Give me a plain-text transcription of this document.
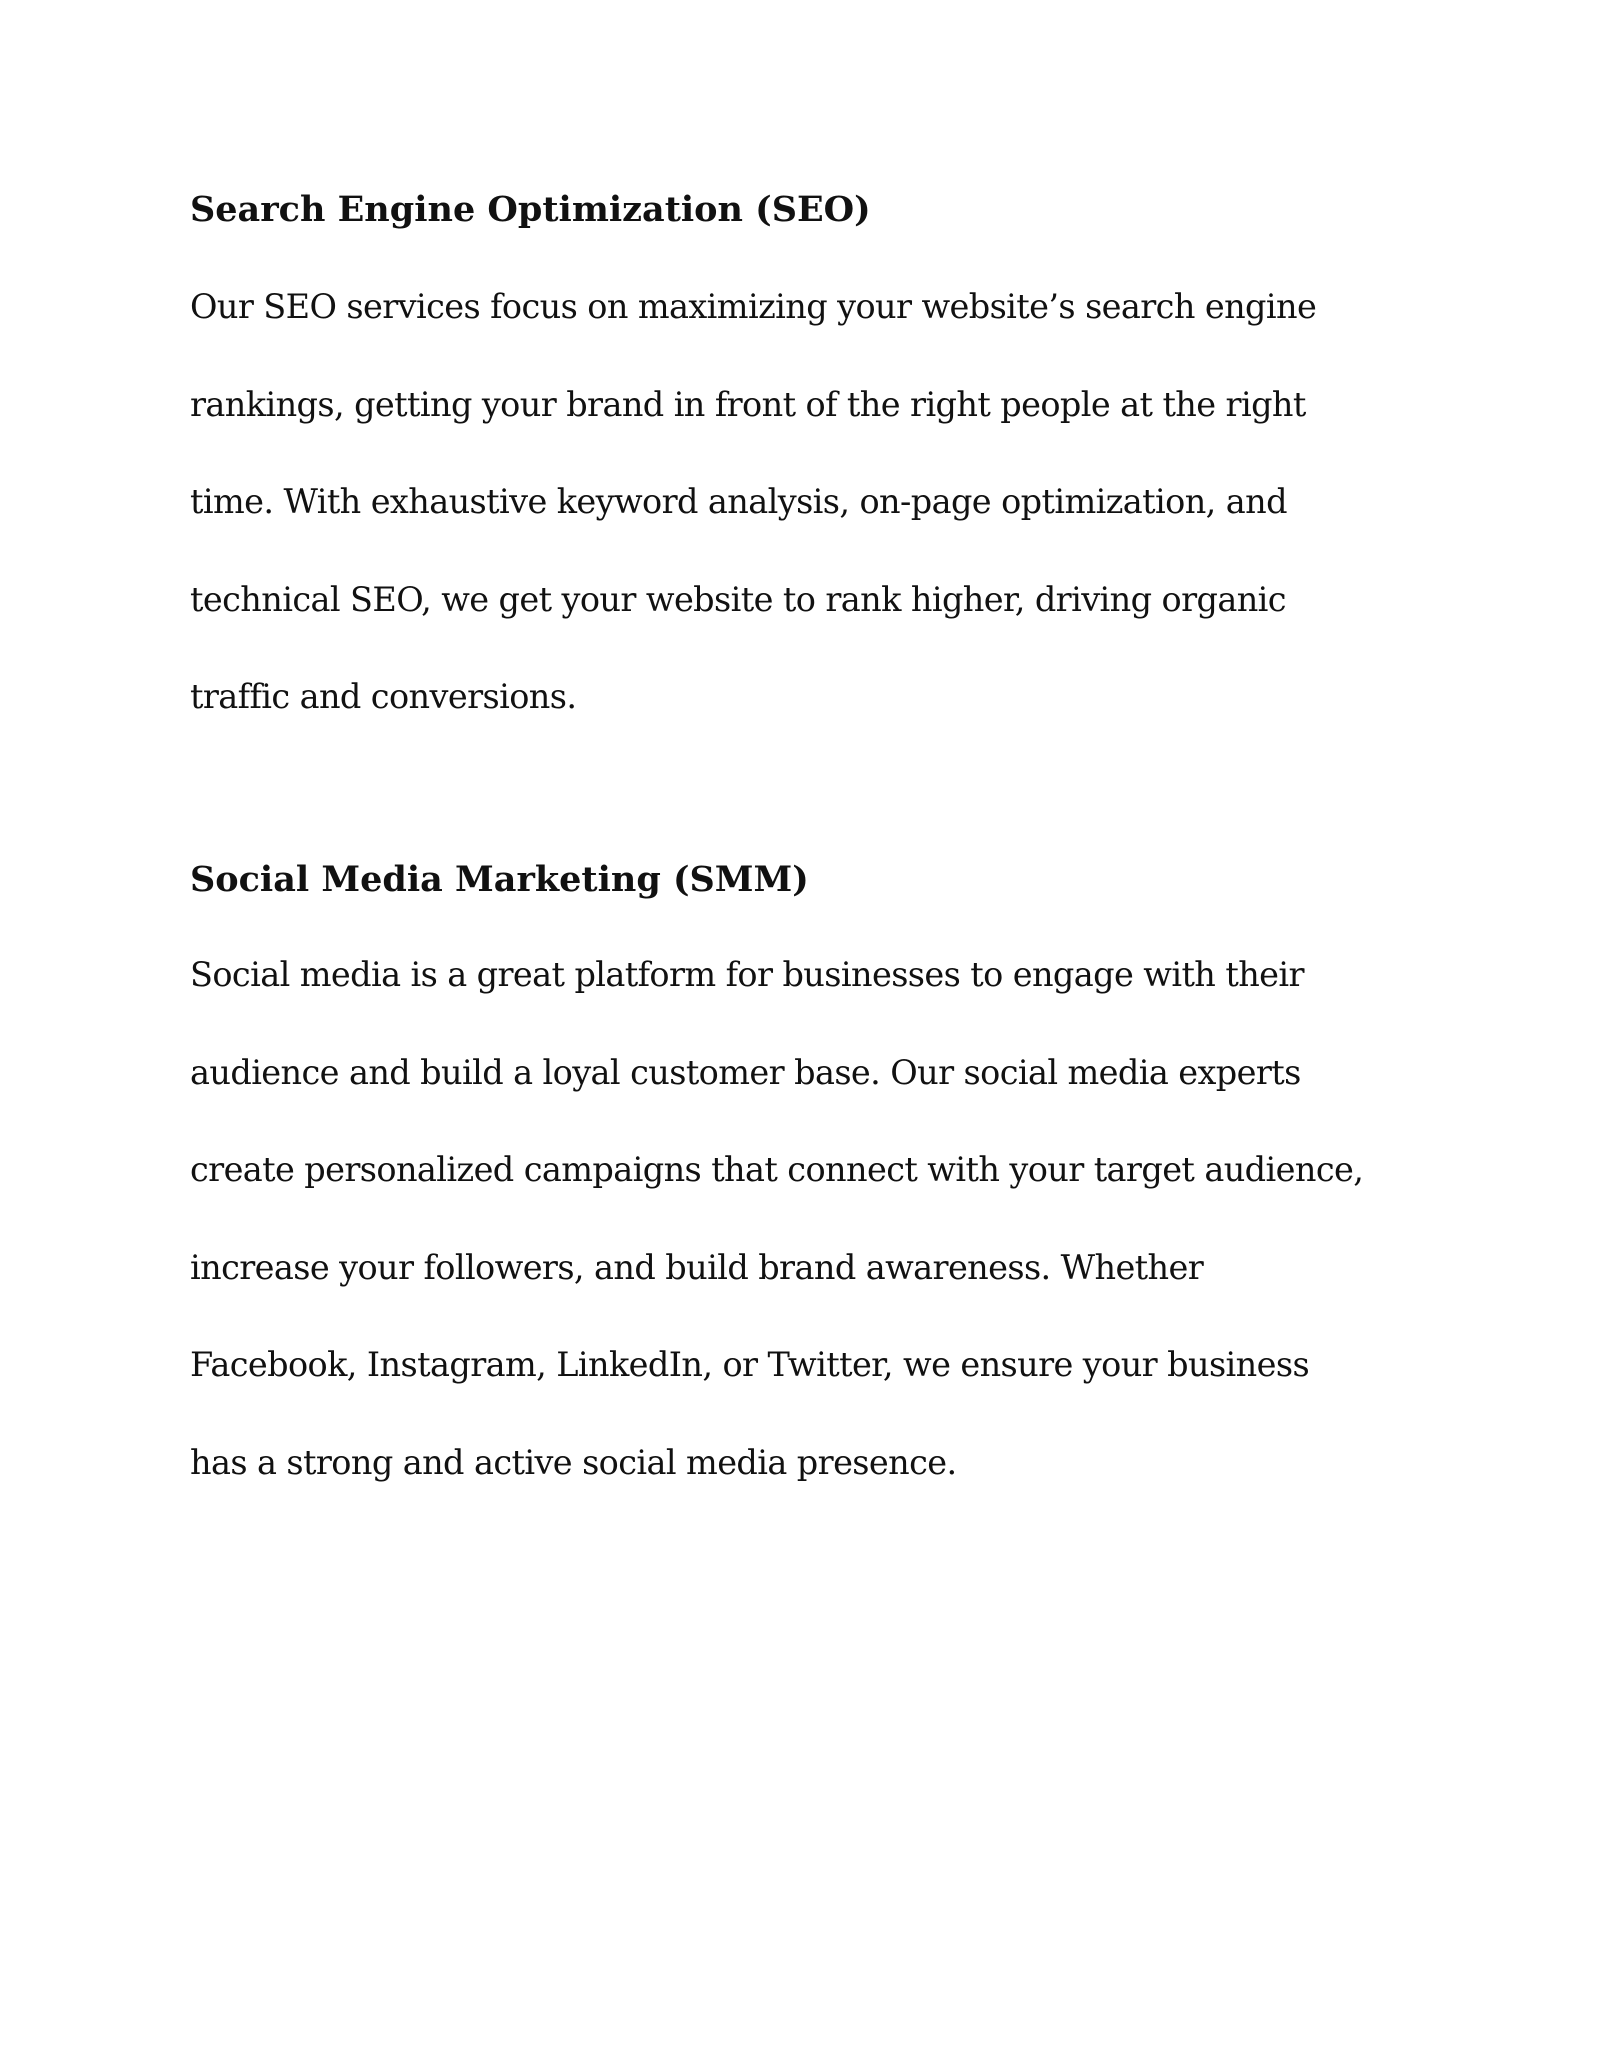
Search Engine Optimization (SEO)

Our SEO services focus on maximizing your website’s search engine

rankings, getting your brand in front of the right people at the right

time. With exhaustive keyword analysis, on-page optimization, and

technical SEO, we get your website to rank higher, driving organic

traffic and conversions.

Social Media Marketing (SMM)

Social media is a great platform for businesses to engage with their

audience and build a loyal customer base. Our social media experts

create personalized campaigns that connect with your target audience,

increase your followers, and build brand awareness. Whether

Facebook, Instagram, LinkedIn, or Twitter, we ensure your business

has a strong and active social media presence.
